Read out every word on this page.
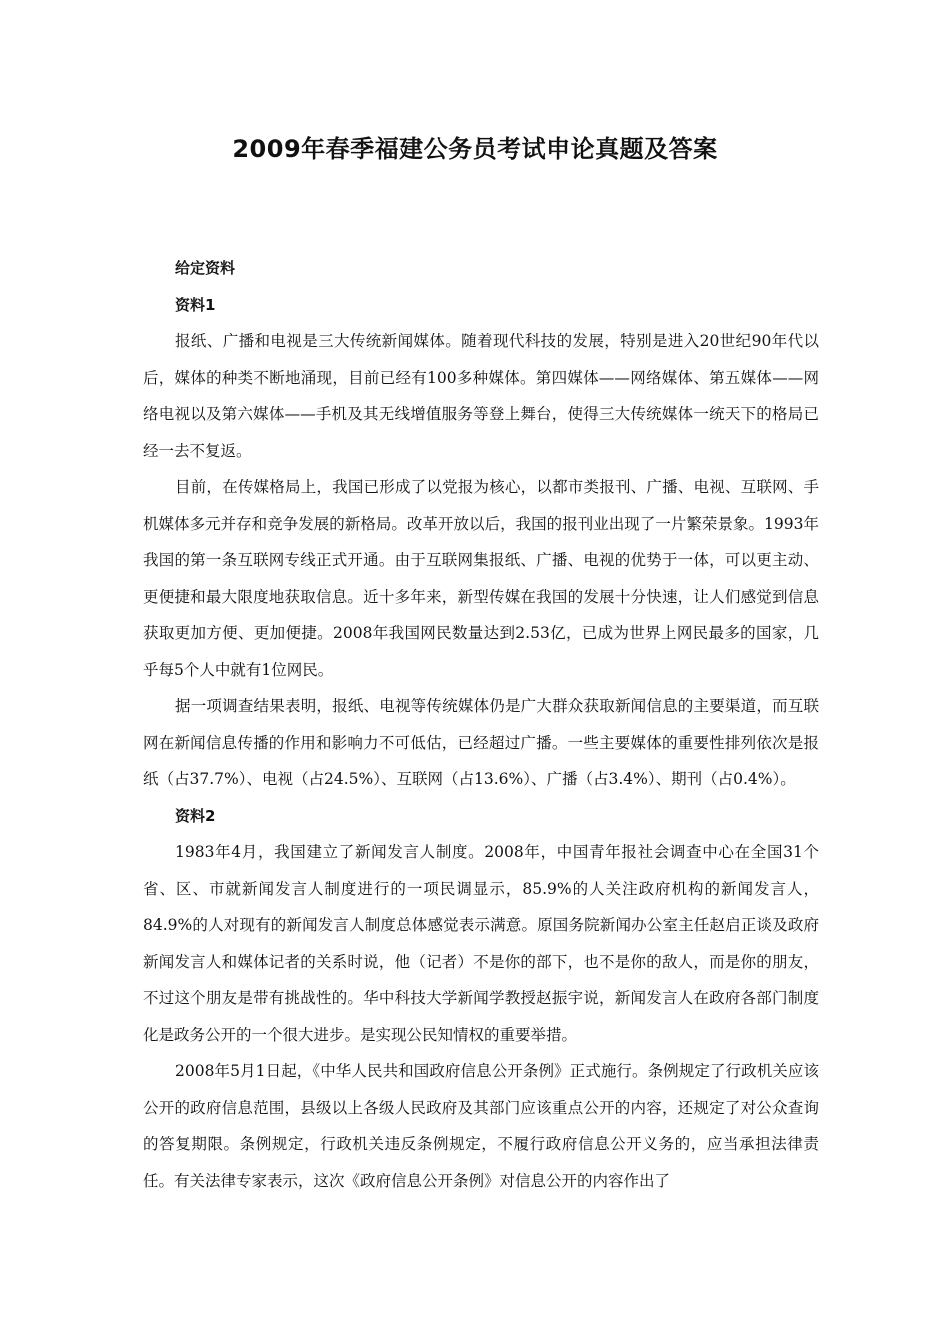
2009年春季福建公务员考试申论真题及答案

给定资料

资料1

报纸、广播和电视是三大传统新闻媒体。随着现代科技的发展，特别是进入20世纪90年代以后，媒体的种类不断地涌现，目前已经有100多种媒体。第四媒体——网络媒体、第五媒体——网络电视以及第六媒体——手机及其无线增值服务等登上舞台，使得三大传统媒体一统天下的格局已经一去不复返。

目前，在传媒格局上，我国已形成了以党报为核心，以都市类报刊、广播、电视、互联网、手机媒体多元并存和竞争发展的新格局。改革开放以后，我国的报刊业出现了一片繁荣景象。1993年我国的第一条互联网专线正式开通。由于互联网集报纸、广播、电视的优势于一体，可以更主动、更便捷和最大限度地获取信息。近十多年来，新型传媒在我国的发展十分快速，让人们感觉到信息获取更加方便、更加便捷。2008年我国网民数量达到2.53亿，已成为世界上网民最多的国家，几乎每5个人中就有1位网民。

据一项调查结果表明，报纸、电视等传统媒体仍是广大群众获取新闻信息的主要渠道，而互联网在新闻信息传播的作用和影响力不可低估，已经超过广播。一些主要媒体的重要性排列依次是报纸（占37.7%）、电视（占24.5%）、互联网（占13.6%）、广播（占3.4%）、期刊（占0.4%）。

资料2

1983年4月，我国建立了新闻发言人制度。2008年，中国青年报社会调查中心在全国31个省、区、市就新闻发言人制度进行的一项民调显示，85.9%的人关注政府机构的新闻发言人，84.9%的人对现有的新闻发言人制度总体感觉表示满意。原国务院新闻办公室主任赵启正谈及政府新闻发言人和媒体记者的关系时说，他（记者）不是你的部下，也不是你的敌人，而是你的朋友，不过这个朋友是带有挑战性的。华中科技大学新闻学教授赵振宇说，新闻发言人在政府各部门制度化是政务公开的一个很大进步。是实现公民知情权的重要举措。

2008年5月1日起，《中华人民共和国政府信息公开条例》正式施行。条例规定了行政机关应该公开的政府信息范围，县级以上各级人民政府及其部门应该重点公开的内容，还规定了对公众查询的答复期限。条例规定，行政机关违反条例规定，不履行政府信息公开义务的，应当承担法律责任。有关法律专家表示，这次《政府信息公开条例》对信息公开的内容作出了
